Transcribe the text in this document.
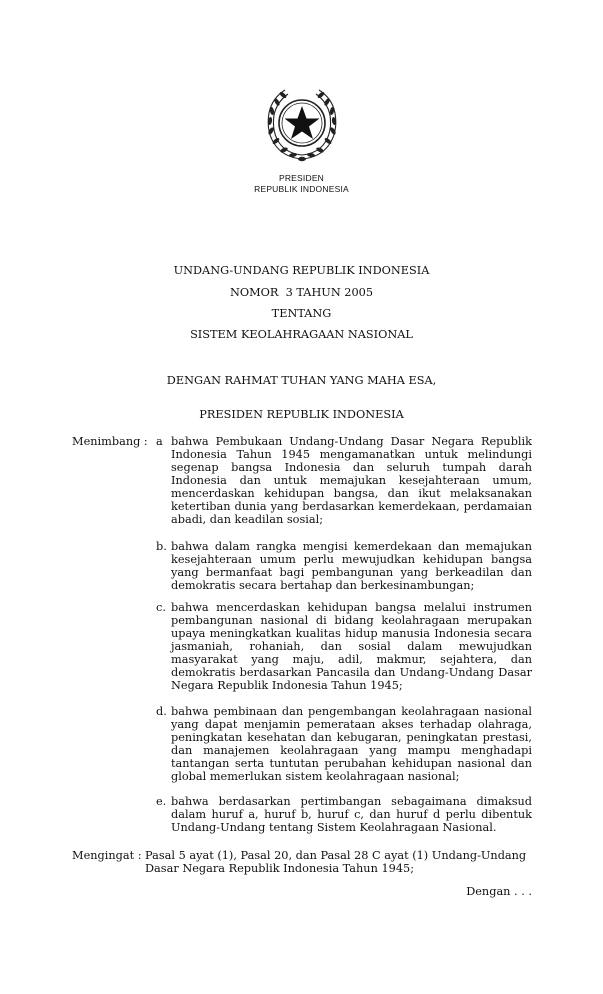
PRESIDEN
REPUBLIK INDONESIA
UNDANG-UNDANG REPUBLIK INDONESIA
NOMOR  3 TAHUN 2005
TENTANG
SISTEM KEOLAHRAGAAN NASIONAL
DENGAN RAHMAT TUHAN YANG MAHA ESA,
PRESIDEN REPUBLIK INDONESIA
Menimbang : a bahwa Pembukaan Undang-Undang Dasar Negara Republik Indonesia Tahun 1945 mengamanatkan untuk melindungi segenap bangsa Indonesia dan seluruh tumpah darah Indonesia dan untuk memajukan kesejahteraan umum, mencerdaskan kehidupan bangsa, dan ikut melaksanakan ketertiban dunia yang berdasarkan kemerdekaan, perdamaian abadi, dan keadilan sosial;
b. bahwa dalam rangka mengisi kemerdekaan dan memajukan kesejahteraan umum perlu mewujudkan kehidupan bangsa yang bermanfaat bagi pembangunan yang berkeadilan dan demokratis secara bertahap dan berkesinambungan;
c. bahwa mencerdaskan kehidupan bangsa melalui instrumen pembangunan nasional di bidang keolahragaan merupakan upaya meningkatkan kualitas hidup manusia Indonesia secara jasmaniah, rohaniah, dan sosial dalam mewujudkan masyarakat yang maju, adil, makmur, sejahtera, dan demokratis berdasarkan Pancasila dan Undang-Undang Dasar Negara Republik Indonesia Tahun 1945;
d. bahwa pembinaan dan pengembangan keolahragaan nasional yang dapat menjamin pemerataan akses terhadap olahraga, peningkatan kesehatan dan kebugaran, peningkatan prestasi, dan manajemen keolahragaan yang mampu menghadapi tantangan serta tuntutan perubahan kehidupan nasional dan global memerlukan sistem keolahragaan nasional;
e. bahwa berdasarkan pertimbangan sebagaimana dimaksud dalam huruf a, huruf b, huruf c, dan huruf d perlu dibentuk Undang-Undang tentang Sistem Keolahragaan Nasional.
Mengingat : Pasal 5 ayat (1), Pasal 20, dan Pasal 28 C ayat (1) Undang-Undang Dasar Negara Republik Indonesia Tahun 1945;
Dengan . . .
